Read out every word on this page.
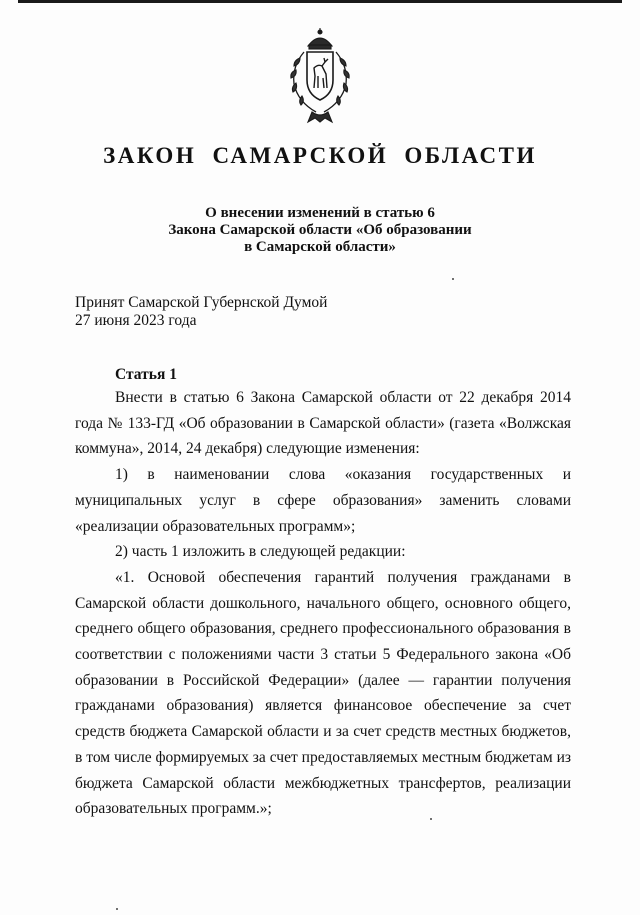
ЗАКОН САМАРСКОЙ ОБЛАСТИ
О внесении изменений в статью 6
Закона Самарской области «Об образовании
в Самарской области»
Принят Самарской Губернской Думой
27 июня 2023 года
Статья 1

Внести в статью 6 Закона Самарской области от 22 декабря 2014 года № 133-ГД «Об образовании в Самарской области» (газета «Волжская коммуна», 2014, 24 декабря) следующие изменения:

1) в наименовании слова «оказания государственных и муниципальных услуг в сфере образования» заменить словами «реализации образовательных программ»;

2) часть 1 изложить в следующей редакции:

«1. Основой обеспечения гарантий получения гражданами в Самарской области дошкольного, начального общего, основного общего, среднего общего образования, среднего профессионального образования в соответствии с положениями части 3 статьи 5 Федерального закона «Об образовании в Российской Федерации» (далее — гарантии получения гражданами образования) является финансовое обеспечение за счет средств бюджета Самарской области и за счет средств местных бюджетов, в том числе формируемых за счет предоставляемых местным бюджетам из бюджета Самарской области межбюджетных трансфертов, реализации образовательных программ.»;
